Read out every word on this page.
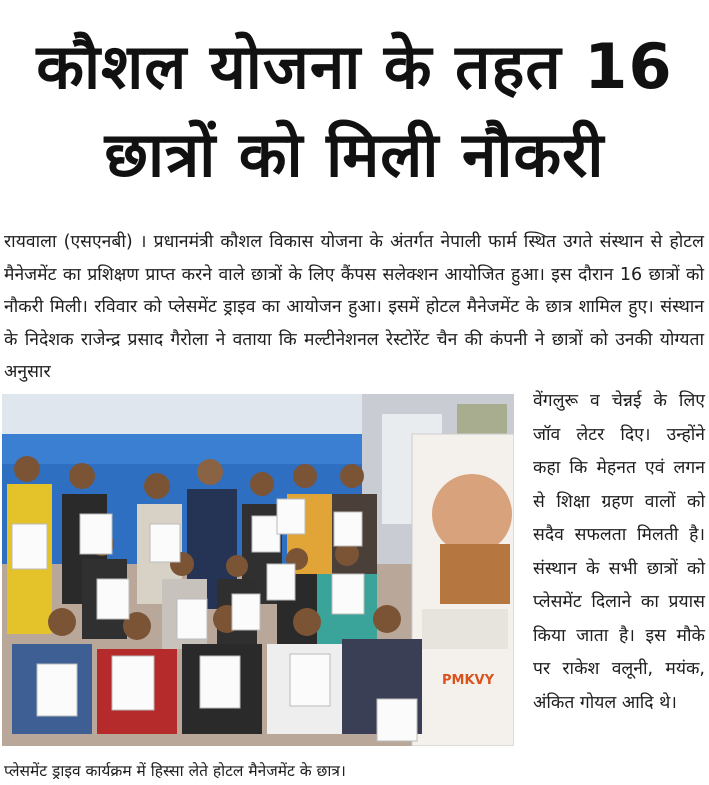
कौशल योजना के तहत 16
छात्रों को मिली नौकरी

रायवाला (एसएनबी) । प्रधानमंत्री कौशल विकास योजना के अंतर्गत नेपाली फार्म स्थित उगते संस्थान से होटल मैनेजमेंट का प्रशिक्षण प्राप्त करने वाले छात्रों के लिए कैंपस सलेक्शन आयोजित हुआ। इस दौरान 16 छात्रों को नौकरी मिली। रविवार को प्लेसमेंट ड्राइव का आयोजन हुआ। इसमें होटल मैनेजमेंट के छात्र शामिल हुए। संस्थान के निदेशक राजेन्द्र प्रसाद गैरोला ने वताया कि मल्टीनेशनल रेस्टोरेंट चैन की कंपनी ने छात्रों को उनकी योग्यता अनुसार

वेंगलुरू व चेन्नई के लिए जॉव लेटर दिए। उन्होंने कहा कि मेहनत एवं लगन से शिक्षा ग्रहण वालों को सदैव सफलता मिलती है। संस्थान के सभी छात्रों को प्लेसमेंट दिलाने का प्रयास किया जाता है। इस मौके पर राकेश वलूनी, मयंक, अंकित गोयल आदि थे।

PMKVY
प्लेसमेंट ड्राइव कार्यक्रम में हिस्सा लेते होटल मैनेजमेंट के छात्र।
